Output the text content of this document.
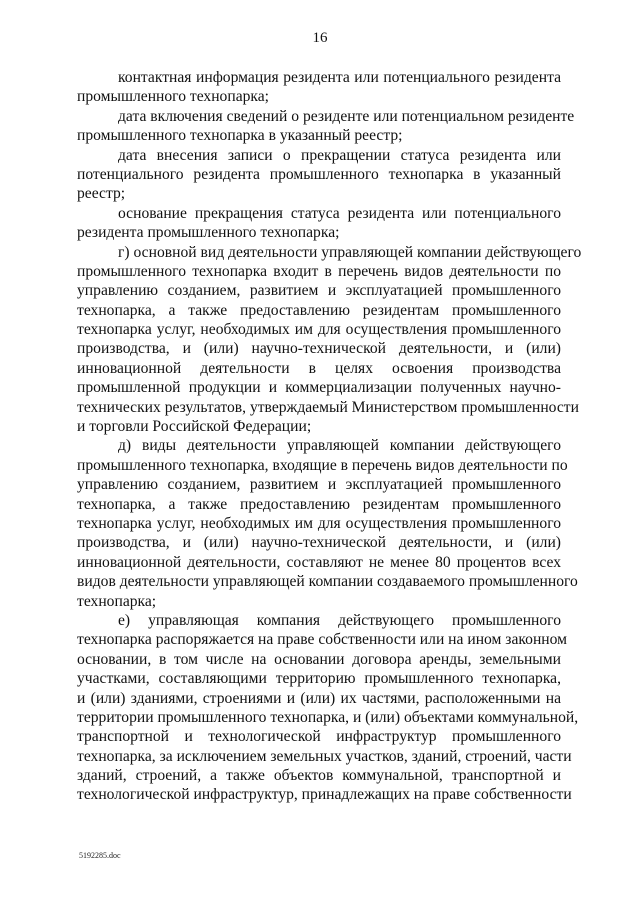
16
контактная информация резидента или потенциального резидента
промышленного технопарка;
дата включения сведений о резиденте или потенциальном резиденте
промышленного технопарка в указанный реестр;
дата внесения записи о прекращении статуса резидента или
потенциального резидента промышленного технопарка в указанный
реестр;
основание прекращения статуса резидента или потенциального
резидента промышленного технопарка;
г) основной вид деятельности управляющей компании действующего
промышленного технопарка входит в перечень видов деятельности по
управлению созданием, развитием и эксплуатацией промышленного
технопарка, а также предоставлению резидентам промышленного
технопарка услуг, необходимых им для осуществления промышленного
производства, и (или) научно-технической деятельности, и (или)
инновационной деятельности в целях освоения производства
промышленной продукции и коммерциализации полученных научно-
технических результатов, утверждаемый Министерством промышленности
и торговли Российской Федерации;
д) виды деятельности управляющей компании действующего
промышленного технопарка, входящие в перечень видов деятельности по
управлению созданием, развитием и эксплуатацией промышленного
технопарка, а также предоставлению резидентам промышленного
технопарка услуг, необходимых им для осуществления промышленного
производства, и (или) научно-технической деятельности, и (или)
инновационной деятельности, составляют не менее 80 процентов всех
видов деятельности управляющей компании создаваемого промышленного
технопарка;
е) управляющая компания действующего промышленного
технопарка распоряжается на праве собственности или на ином законном
основании, в том числе на основании договора аренды, земельными
участками, составляющими территорию промышленного технопарка,
и (или) зданиями, строениями и (или) их частями, расположенными на
территории промышленного технопарка, и (или) объектами коммунальной,
транспортной и технологической инфраструктур промышленного
технопарка, за исключением земельных участков, зданий, строений, части
зданий, строений, а также объектов коммунальной, транспортной и
технологической инфраструктур, принадлежащих на праве собственности
5192285.doc
